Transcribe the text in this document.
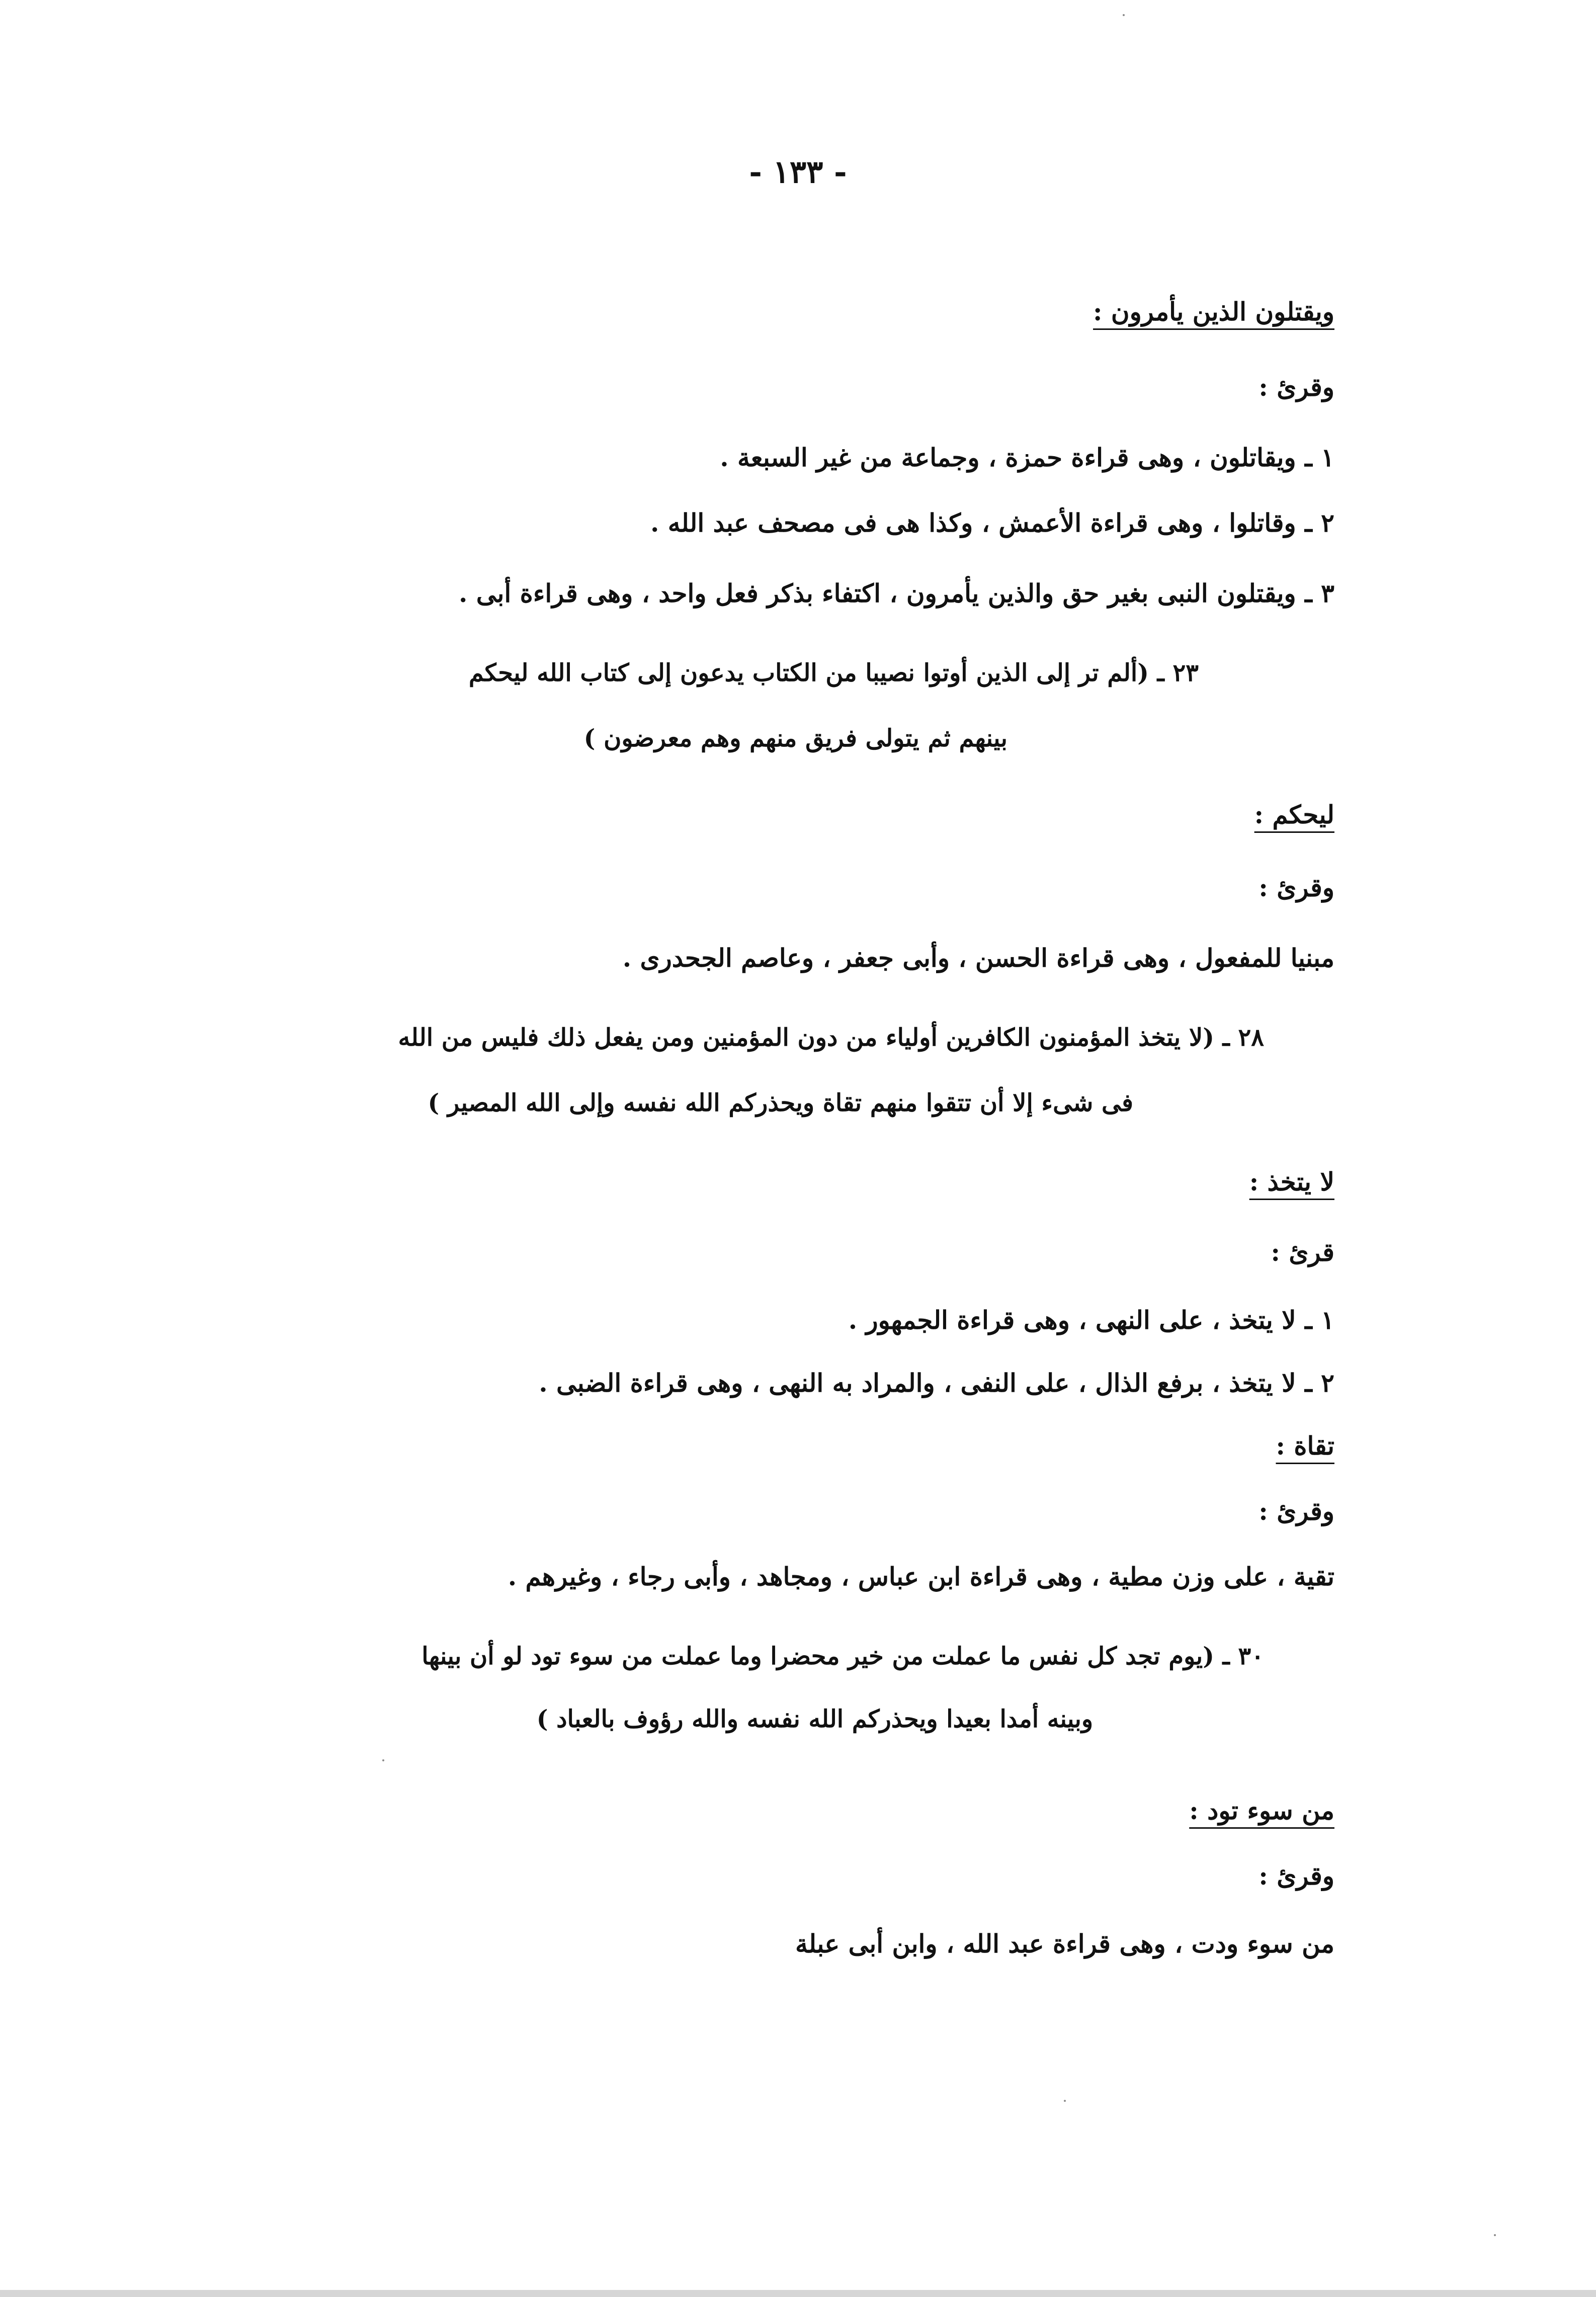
- ١٣٣ -
ويقتلون الذين يأمرون :
وقرئ :
١ ـ ويقاتلون ، وهى قراءة حمزة ، وجماعة من غير السبعة .
٢ ـ وقاتلوا ، وهى قراءة الأعمش ، وكذا هى فى مصحف عبد الله .
٣ ـ ويقتلون النبى بغير حق والذين يأمرون ، اكتفاء بذكر فعل واحد ، وهى قراءة أبى .
٢٣ ـ (ألم تر إلى الذين أوتوا نصيبا من الكتاب يدعون إلى كتاب الله ليحكم
بينهم ثم يتولى فريق منهم وهم معرضون )
ليحكم :
وقرئ :
مبنيا للمفعول ، وهى قراءة الحسن ، وأبى جعفر ، وعاصم الجحدرى .
٢٨ ـ (لا يتخذ المؤمنون الكافرين أولياء من دون المؤمنين ومن يفعل ذلك فليس من الله
فى شىء إلا أن تتقوا منهم تقاة ويحذركم الله نفسه وإلى الله المصير )
لا يتخذ :
قرئ :
١ ـ لا يتخذ ، على النهى ، وهى قراءة الجمهور .
٢ ـ لا يتخذ ، برفع الذال ، على النفى ، والمراد به النهى ، وهى قراءة الضبى .
تقاة :
وقرئ :
تقية ، على وزن مطية ، وهى قراءة ابن عباس ، ومجاهد ، وأبى رجاء ، وغيرهم .
٣٠ ـ (يوم تجد كل نفس ما عملت من خير محضرا وما عملت من سوء تود لو أن بينها
وبينه أمدا بعيدا ويحذركم الله نفسه والله رؤوف بالعباد )
من سوء تود :
وقرئ :
من سوء ودت ، وهى قراءة عبد الله ، وابن أبى عبلة
